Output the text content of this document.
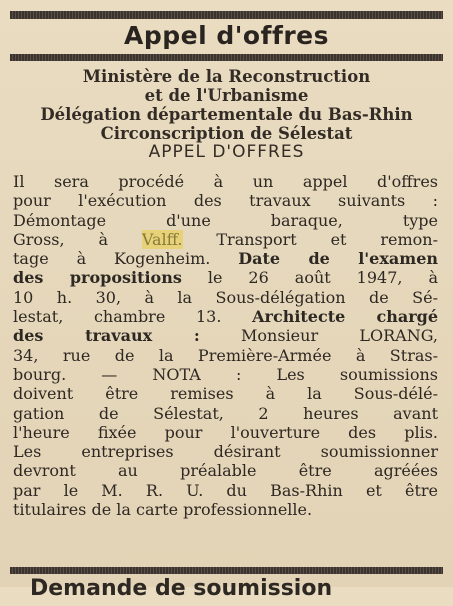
Appel d'offres
Ministère de la Reconstruction
et de l'Urbanisme
Délégation départementale du Bas-Rhin
Circonscription de Sélestat
APPEL D'OFFRES
Il sera procédé à un appel d'offres
pour l'exécution des travaux suivants :
Démontage d'une baraque, type
Gross, à Valff. Transport et remon-
tage à Kogenheim. Date de l'examen
des propositions le 26 août 1947, à
10 h. 30, à la Sous-délégation de Sé-
lestat, chambre 13. Architecte chargé
des travaux : Monsieur LORANG,
34, rue de la Première-Armée à Stras-
bourg. — NOTA : Les soumissions
doivent être remises à la Sous-délé-
gation de Sélestat, 2 heures avant
l'heure fixée pour l'ouverture des plis.
Les entreprises désirant soumissionner
devront au préalable être agréées
par le M. R. U. du Bas-Rhin et être
titulaires de la carte professionnelle.
Demande de soumission
